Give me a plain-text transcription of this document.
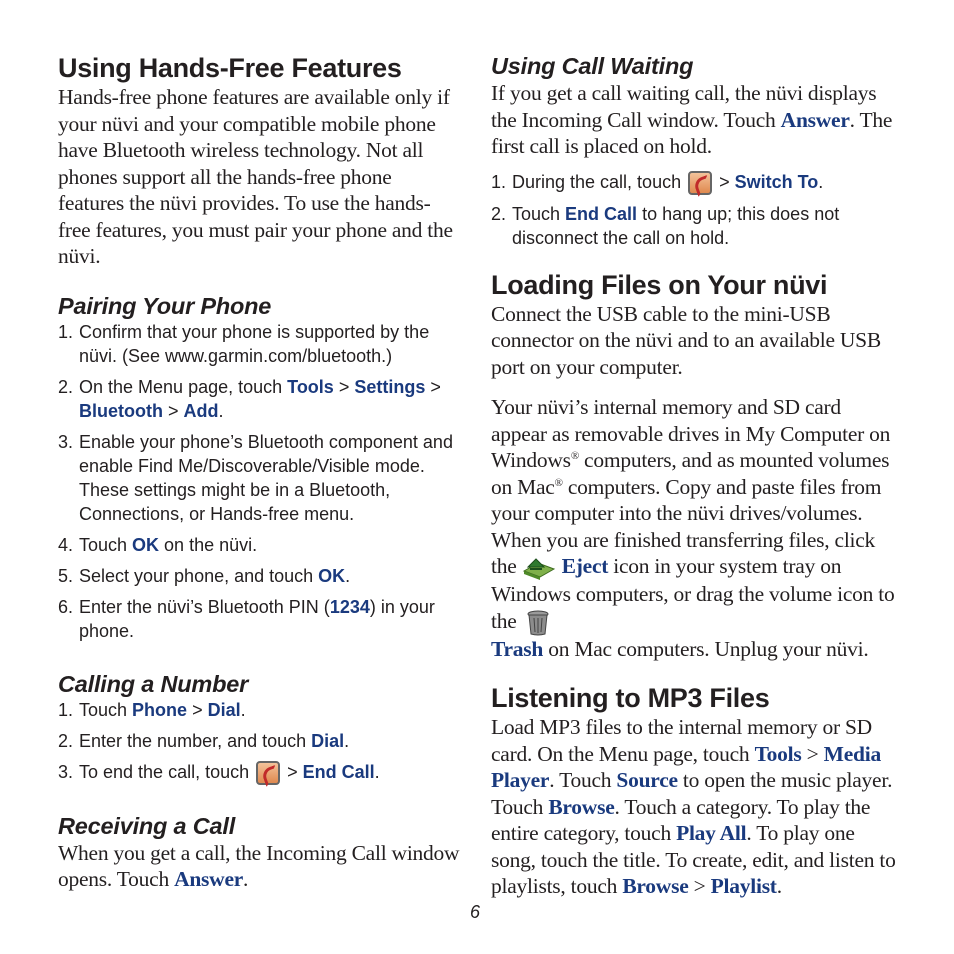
Using Hands-Free Features

Hands-free phone features are available only if your nüvi and your compatible mobile phone have Bluetooth wireless technology. Not all phones support all the hands-free phone features the nüvi provides. To use the hands-free features, you must pair your phone and the nüvi.

Pairing Your Phone
1. Confirm that your phone is supported by the nüvi. (See www.garmin.com/bluetooth.)
2. On the Menu page, touch Tools > Settings > Bluetooth > Add.
3. Enable your phone’s Bluetooth component and enable Find Me/Discoverable/Visible mode. These settings might be in a Bluetooth, Connections, or Hands-free menu.
4. Touch OK on the nüvi.
5. Select your phone, and touch OK.
6. Enter the nüvi’s Bluetooth PIN (1234) in your phone.
Calling a Number
1. Touch Phone > Dial.
2. Enter the number, and touch Dial.
3. To end the call, touch  > End Call.
Receiving a Call

When you get a call, the Incoming Call window opens. Touch Answer.

Using Call Waiting

If you get a call waiting call, the nüvi displays the Incoming Call window. Touch Answer. The first call is placed on hold.

1. During the call, touch  > Switch To.
2. Touch End Call to hang up; this does not disconnect the call on hold.
Loading Files on Your nüvi

Connect the USB cable to the mini-USB connector on the nüvi and to an available USB port on your computer.

Your nüvi’s internal memory and SD card appear as removable drives in My Computer on Windows® computers, and as mounted volumes on Mac® computers. Copy and paste files from your computer into the nüvi drives/volumes. When you are finished transferring files, click the Eject icon in your system tray on Windows computers, or drag the volume icon to the
Trash on Mac computers. Unplug your nüvi.

Listening to MP3 Files

Load MP3 files to the internal memory or SD card. On the Menu page, touch Tools > Media Player. Touch Source to open the music player. Touch Browse. Touch a category. To play the entire category, touch Play All. To play one song, touch the title. To create, edit, and listen to playlists, touch Browse > Playlist.

6
